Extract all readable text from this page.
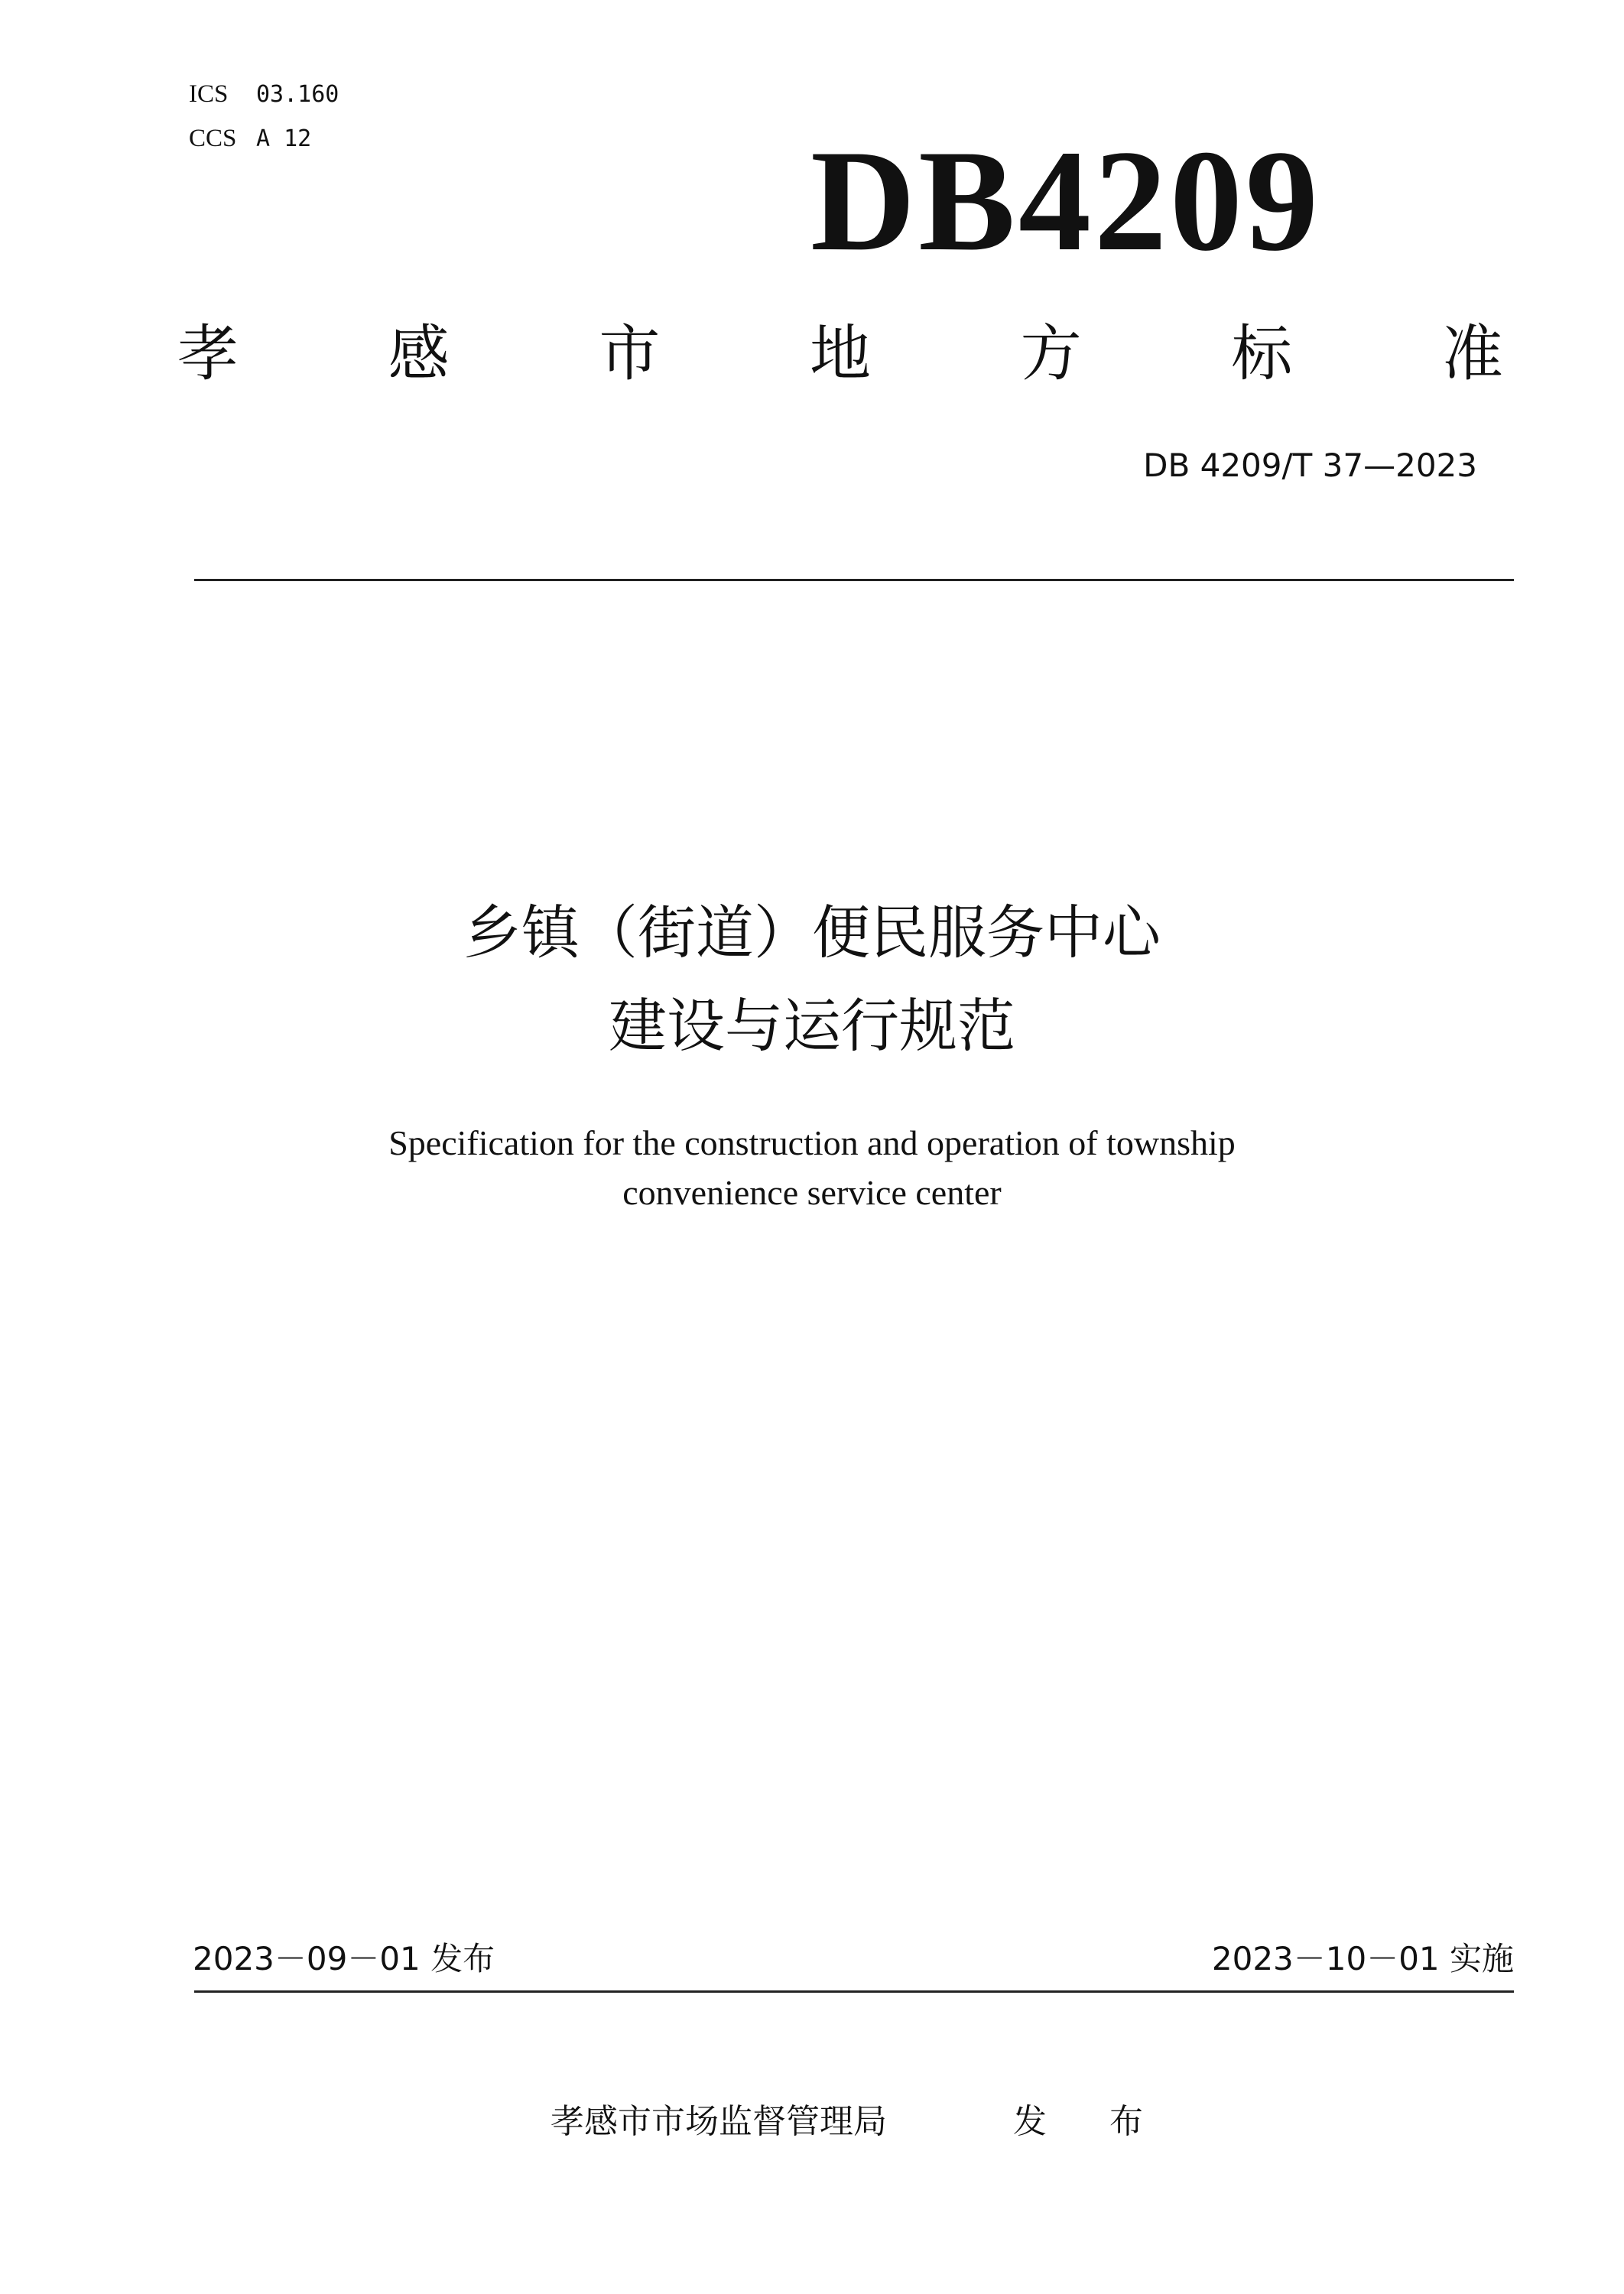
ICS 03.160
CCS A 12	DB4209
孝 感 市 地 方 标 准
DB 4209/T 37—2023
乡镇（街道）便民服务中心
建设与运行规范
Specification for the construction and operation of township
convenience service center
2023－09－01 发布	2023－10－01 实施
孝感市市场监督管理局	发 布
